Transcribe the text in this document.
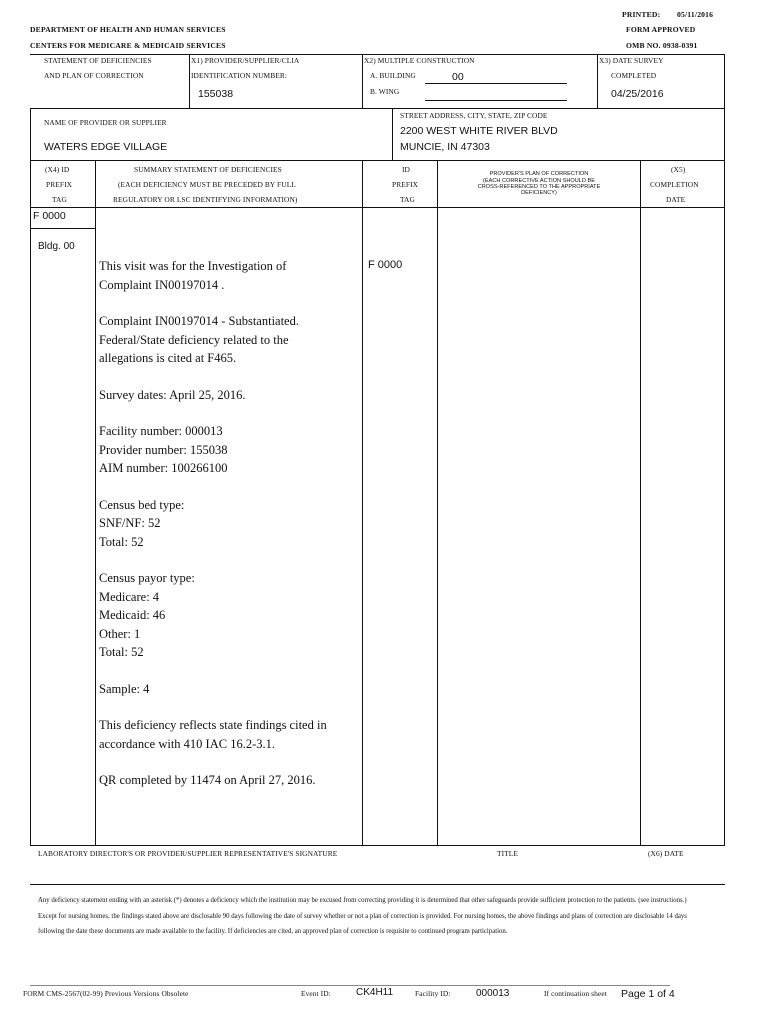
PRINTED: 05/11/2016
FORM APPROVED
OMB NO. 0938-0391
DEPARTMENT OF HEALTH AND HUMAN SERVICES
CENTERS FOR MEDICARE & MEDICAID SERVICES
STATEMENT OF DEFICIENCIES
AND PLAN OF CORRECTION
X1) PROVIDER/SUPPLIER/CLIA
IDENTIFICATION NUMBER:
155038
X2) MULTIPLE CONSTRUCTION
A. BUILDING	00
B. WING
X3) DATE SURVEY
COMPLETED
04/25/2016
NAME OF PROVIDER OR SUPPLIER
WATERS EDGE VILLAGE
STREET ADDRESS, CITY, STATE, ZIP CODE
2200 WEST WHITE RIVER BLVD
MUNCIE, IN 47303
(X4) ID
PREFIX
TAG
SUMMARY STATEMENT OF DEFICIENCIES
(EACH DEFICIENCY MUST BE PRECEDED BY FULL
REGULATORY OR LSC IDENTIFYING INFORMATION)
ID
PREFIX
TAG
PROVIDER'S PLAN OF CORRECTION
(EACH CORRECTIVE ACTION SHOULD BE
CROSS-REFERENCED TO THE APPROPRIATE
DEFICIENCY)
(X5)
COMPLETION
DATE
F 0000
Bldg. 00
F 0000
This visit was for the Investigation of Complaint IN00197014 .
Complaint IN00197014 - Substantiated. Federal/State deficiency related to the allegations is cited at F465.
Survey dates: April 25, 2016.
Facility number: 000013
Provider number: 155038
AIM number: 100266100
Census bed type:
SNF/NF: 52
Total: 52
Census payor type:
Medicare: 4
Medicaid: 46
Other: 1
Total: 52
Sample: 4
This deficiency reflects state findings cited in accordance with 410 IAC 16.2-3.1.
QR completed by 11474 on April 27, 2016.
LABORATORY DIRECTOR'S OR PROVIDER/SUPPLIER REPRESENTATIVE'S SIGNATURE	TITLE	(X6) DATE
Any deficiency statement ending with an asterisk (*) denotes a deficiency which the institution may be excused from correcting providing it is determined that other safeguards provide sufficient protection to the patients. (see instructions.) Except for nursing homes, the findings stated above are disclosable 90 days following the date of survey whether or not a plan of correction is provided. For nursing homes, the above findings and plans of correction are disclosable 14 days following the date these documents are made available to the facility. If deficiencies are cited, an approved plan of correction is requisite to continued program participation.
FORM CMS-2567(02-99) Previous Versions Obsolete	Event ID:	CK4H11	Facility ID:	000013	If continuation sheet Page 1 of 4
